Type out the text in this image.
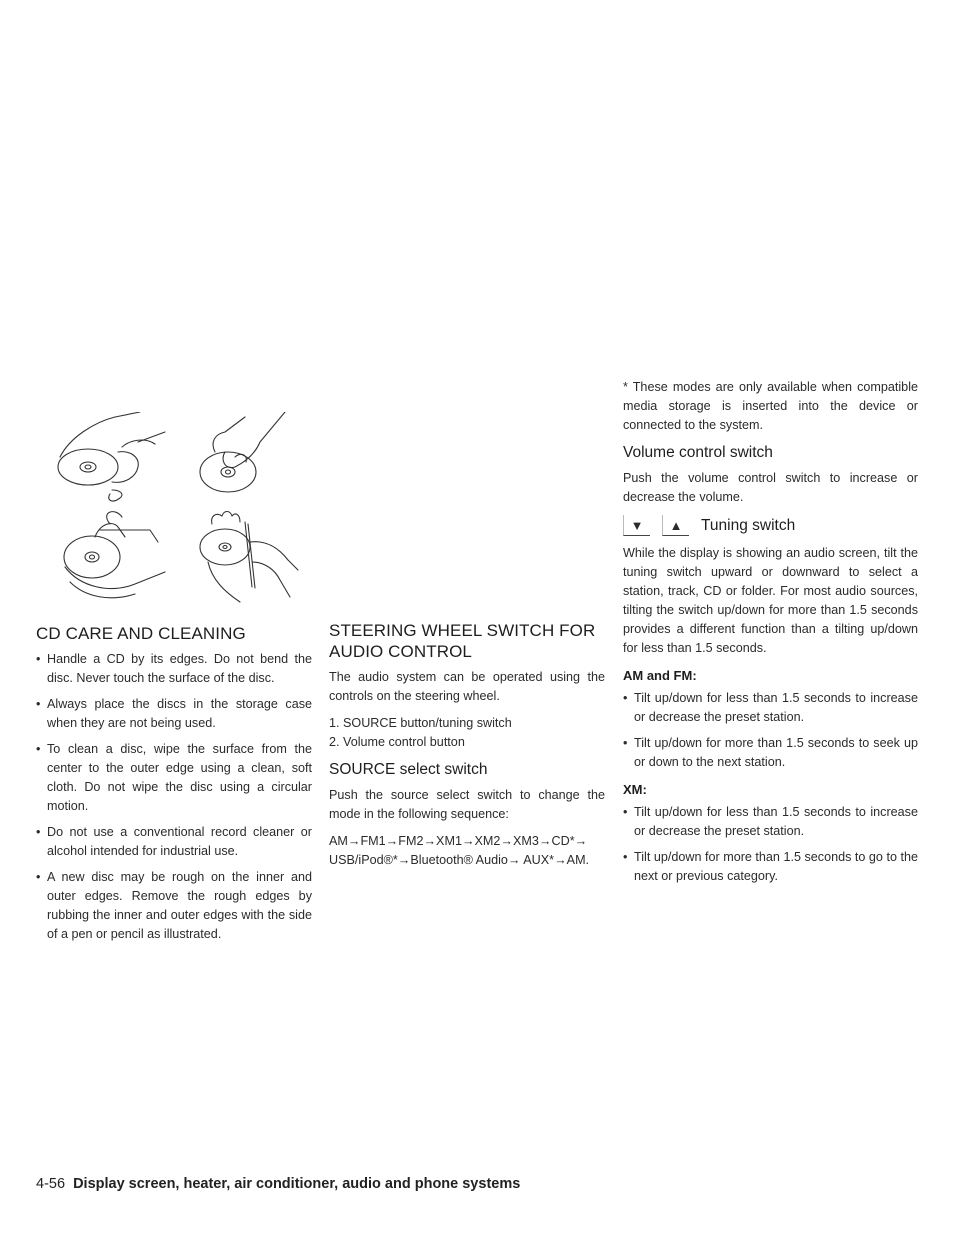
CD CARE AND CLEANING
• Handle a CD by its edges. Do not bend the disc. Never touch the surface of the disc.
• Always place the discs in the storage case when they are not being used.
• To clean a disc, wipe the surface from the center to the outer edge using a clean, soft cloth. Do not wipe the disc using a circular motion.
• Do not use a conventional record cleaner or alcohol intended for industrial use.
• A new disc may be rough on the inner and outer edges. Remove the rough edges by rubbing the inner and outer edges with the side of a pen or pencil as illustrated.
STEERING WHEEL SWITCH FOR AUDIO CONTROL

The audio system can be operated using the controls on the steering wheel.

1. SOURCE button/tuning switch
2. Volume control button
SOURCE select switch

Push the source select switch to change the mode in the following sequence:

AM→FM1→FM2→XM1→XM2→XM3→CD*→ USB/iPod®*→Bluetooth® Audio→ AUX*→AM.

* These modes are only available when compatible media storage is inserted into the device or connected to the system.

Volume control switch

Push the volume control switch to increase or decrease the volume.

▼	▲	Tuning switch

While the display is showing an audio screen, tilt the tuning switch upward or downward to select a station, track, CD or folder. For most audio sources, tilting the switch up/down for more than 1.5 seconds provides a different function than a tilting up/down for less than 1.5 seconds.

AM and FM:
• Tilt up/down for less than 1.5 seconds to increase or decrease the preset station.
• Tilt up/down for more than 1.5 seconds to seek up or down to the next station.
XM:
• Tilt up/down for less than 1.5 seconds to increase or decrease the preset station.
• Tilt up/down for more than 1.5 seconds to go to the next or previous category.
4-56 Display screen, heater, air conditioner, audio and phone systems
